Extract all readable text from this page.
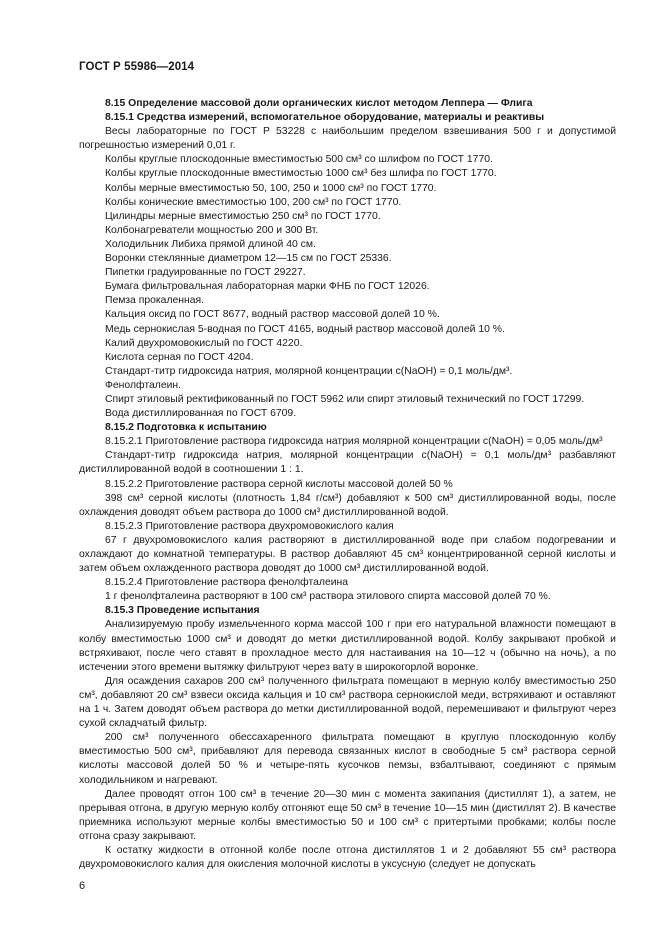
ГОСТ Р 55986—2014

8.15 Определение массовой доли органических кислот методом Леппера — Флига

8.15.1 Средства измерений, вспомогательное оборудование, материалы и реактивы

Весы лабораторные по ГОСТ Р 53228 с наибольшим пределом взвешивания 500 г и допустимой погрешностью измерений 0,01 г.

Колбы круглые плоскодонные вместимостью 500 см³ со шлифом по ГОСТ 1770.

Колбы круглые плоскодонные вместимостью 1000 см³ без шлифа по ГОСТ 1770.

Колбы мерные вместимостью 50, 100, 250 и 1000 см³ по ГОСТ 1770.

Колбы конические вместимостью 100, 200 см³ по ГОСТ 1770.

Цилиндры мерные вместимостью 250 см³ по ГОСТ 1770.

Колбонагреватели мощностью 200 и 300 Вт.

Холодильник Либиха прямой длиной 40 см.

Воронки стеклянные диаметром 12—15 см по ГОСТ 25336.

Пипетки градуированные по ГОСТ 29227.

Бумага фильтровальная лабораторная марки ФНБ по ГОСТ 12026.

Пемза прокаленная.

Кальция оксид по ГОСТ 8677, водный раствор массовой долей 10 %.

Медь сернокислая 5-водная по ГОСТ 4165, водный раствор массовой долей 10 %.

Калий двухромовокислый по ГОСТ 4220.

Кислота серная по ГОСТ 4204.

Стандарт-титр гидроксида натрия, молярной концентрации c(NaOH) = 0,1 моль/дм³.

Фенолфталеин.

Спирт этиловый ректификованный по ГОСТ 5962 или спирт этиловый технический по ГОСТ 17299.

Вода дистиллированная по ГОСТ 6709.

8.15.2 Подготовка к испытанию

8.15.2.1 Приготовление раствора гидроксида натрия молярной концентрации c(NaOH) = 0,05 моль/дм³

Стандарт-титр гидроксида натрия, молярной концентрации c(NaOH) = 0,1 моль/дм³ разбавляют дистиллированной водой в соотношении 1 : 1.

8.15.2.2 Приготовление раствора серной кислоты массовой долей 50 %

398 см³ серной кислоты (плотность 1,84 г/см³) добавляют к 500 см³ дистиллированной воды, после охлаждения доводят объем раствора до 1000 см³ дистиллированной водой.

8.15.2.3 Приготовление раствора двухромовокислого калия

67 г двухромовокислого калия растворяют в дистиллированной воде при слабом подогревании и охлаждают до комнатной температуры. В раствор добавляют 45 см³ концентрированной серной кислоты и затем объем охлажденного раствора доводят до 1000 см³ дистиллированной водой.

8.15.2.4 Приготовление раствора фенолфталеина

1 г фенолфталеина растворяют в 100 см³ раствора этилового спирта массовой долей 70 %.

8.15.3 Проведение испытания

Анализируемую пробу измельченного корма массой 100 г при его натуральной влажности помещают в колбу вместимостью 1000 см³ и доводят до метки дистиллированной водой. Колбу закрывают пробкой и встряхивают, после чего ставят в прохладное место для настаивания на 10—12 ч (обычно на ночь), а по истечении этого времени вытяжку фильтруют через вату в широкогорлой воронке.

Для осаждения сахаров 200 см³ полученного фильтрата помещают в мерную колбу вместимостью 250 см³, добавляют 20 см³ взвеси оксида кальция и 10 см³ раствора сернокислой меди, встряхивают и оставляют на 1 ч. Затем доводят объем раствора до метки дистиллированной водой, перемешивают и фильтруют через сухой складчатый фильтр.

200 см³ полученного обессахаренного фильтрата помещают в круглую плоскодонную колбу вместимостью 500 см³, прибавляют для перевода связанных кислот в свободные 5 см³ раствора серной кислоты массовой долей 50 % и четыре-пять кусочков пемзы, взбалтывают, соединяют с прямым холодильником и нагревают.

Далее проводят отгон 100 см³ в течение 20—30 мин с момента закипания (дистиллят 1), а затем, не прерывая отгона, в другую мерную колбу отгоняют еще 50 см³ в течение 10—15 мин (дистиллят 2). В качестве приемника используют мерные колбы вместимостью 50 и 100 см³ с притертыми пробками; колбы после отгона сразу закрывают.

К остатку жидкости в отгонной колбе после отгона дистиллятов 1 и 2 добавляют 55 см³ раствора двухромовокислого калия для окисления молочной кислоты в уксусную (следует не допускать

6
